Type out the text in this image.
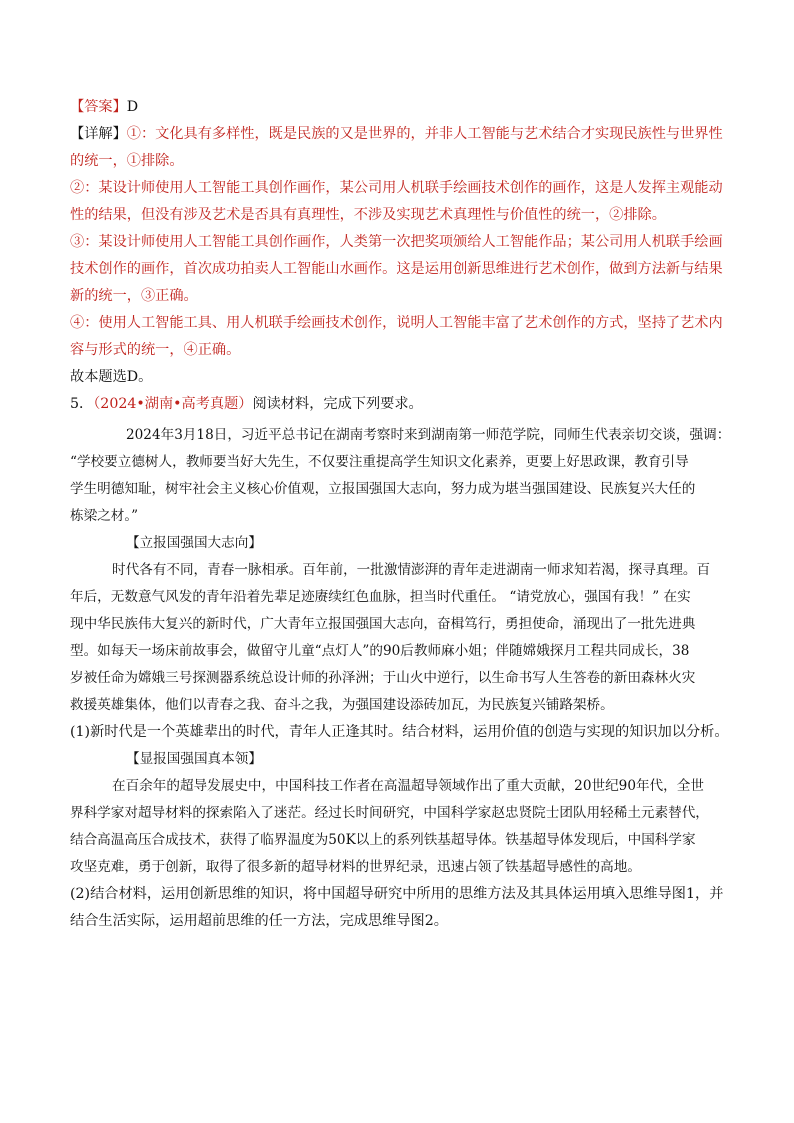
【答案】D

【详解】①：文化具有多样性，既是民族的又是世界的，并非人工智能与艺术结合才实现民族性与世界性

的统一，①排除。

②：某设计师使用人工智能工具创作画作，某公司用人机联手绘画技术创作的画作，这是人发挥主观能动

性的结果，但没有涉及艺术是否具有真理性，不涉及实现艺术真理性与价值性的统一，②排除。

③：某设计师使用人工智能工具创作画作，人类第一次把奖项颁给人工智能作品；某公司用人机联手绘画

技术创作的画作，首次成功拍卖人工智能山水画作。这是运用创新思维进行艺术创作，做到方法新与结果

新的统一，③正确。

④：使用人工智能工具、用人机联手绘画技术创作，说明人工智能丰富了艺术创作的方式，坚持了艺术内

容与形式的统一，④正确。

故本题选D。

5．（2024•湖南•高考真题）阅读材料，完成下列要求。

2024年3月18日，习近平总书记在湖南考察时来到湖南第一师范学院，同师生代表亲切交谈，强调：

“学校要立德树人，教师要当好大先生，不仅要注重提高学生知识文化素养，更要上好思政课，教育引导

学生明德知耻，树牢社会主义核心价值观，立报国强国大志向，努力成为堪当强国建设、民族复兴大任的

栋梁之材。”

【立报国强国大志向】

时代各有不同，青春一脉相承。百年前，一批激情澎湃的青年走进湖南一师求知若渴，探寻真理。百

年后，无数意气风发的青年沿着先辈足迹赓续红色血脉，担当时代重任。 “请党放心，强国有我！” 在实

现中华民族伟大复兴的新时代，广大青年立报国强国大志向，奋楫笃行，勇担使命，涌现出了一批先进典

型。如每天一场床前故事会，做留守儿童“点灯人”的90后教师麻小姐；伴随嫦娥探月工程共同成长，38

岁被任命为嫦娥三号探测器系统总设计师的孙泽洲；于山火中逆行，以生命书写人生答卷的新田森林火灾

救援英雄集体，他们以青春之我、奋斗之我，为强国建设添砖加瓦，为民族复兴铺路架桥。

(1)新时代是一个英雄辈出的时代，青年人正逢其时。结合材料，运用价值的创造与实现的知识加以分析。

【显报国强国真本领】

在百余年的超导发展史中，中国科技工作者在高温超导领域作出了重大贡献，20世纪90年代，全世

界科学家对超导材料的探索陷入了迷茫。经过长时间研究，中国科学家赵忠贤院士团队用轻稀土元素替代，

结合高温高压合成技术，获得了临界温度为50K以上的系列铁基超导体。铁基超导体发现后，中国科学家

攻坚克难，勇于创新，取得了很多新的超导材料的世界纪录，迅速占领了铁基超导感性的高地。

(2)结合材料，运用创新思维的知识，将中国超导研究中所用的思维方法及其具体运用填入思维导图1，并

结合生活实际，运用超前思维的任一方法，完成思维导图2。
